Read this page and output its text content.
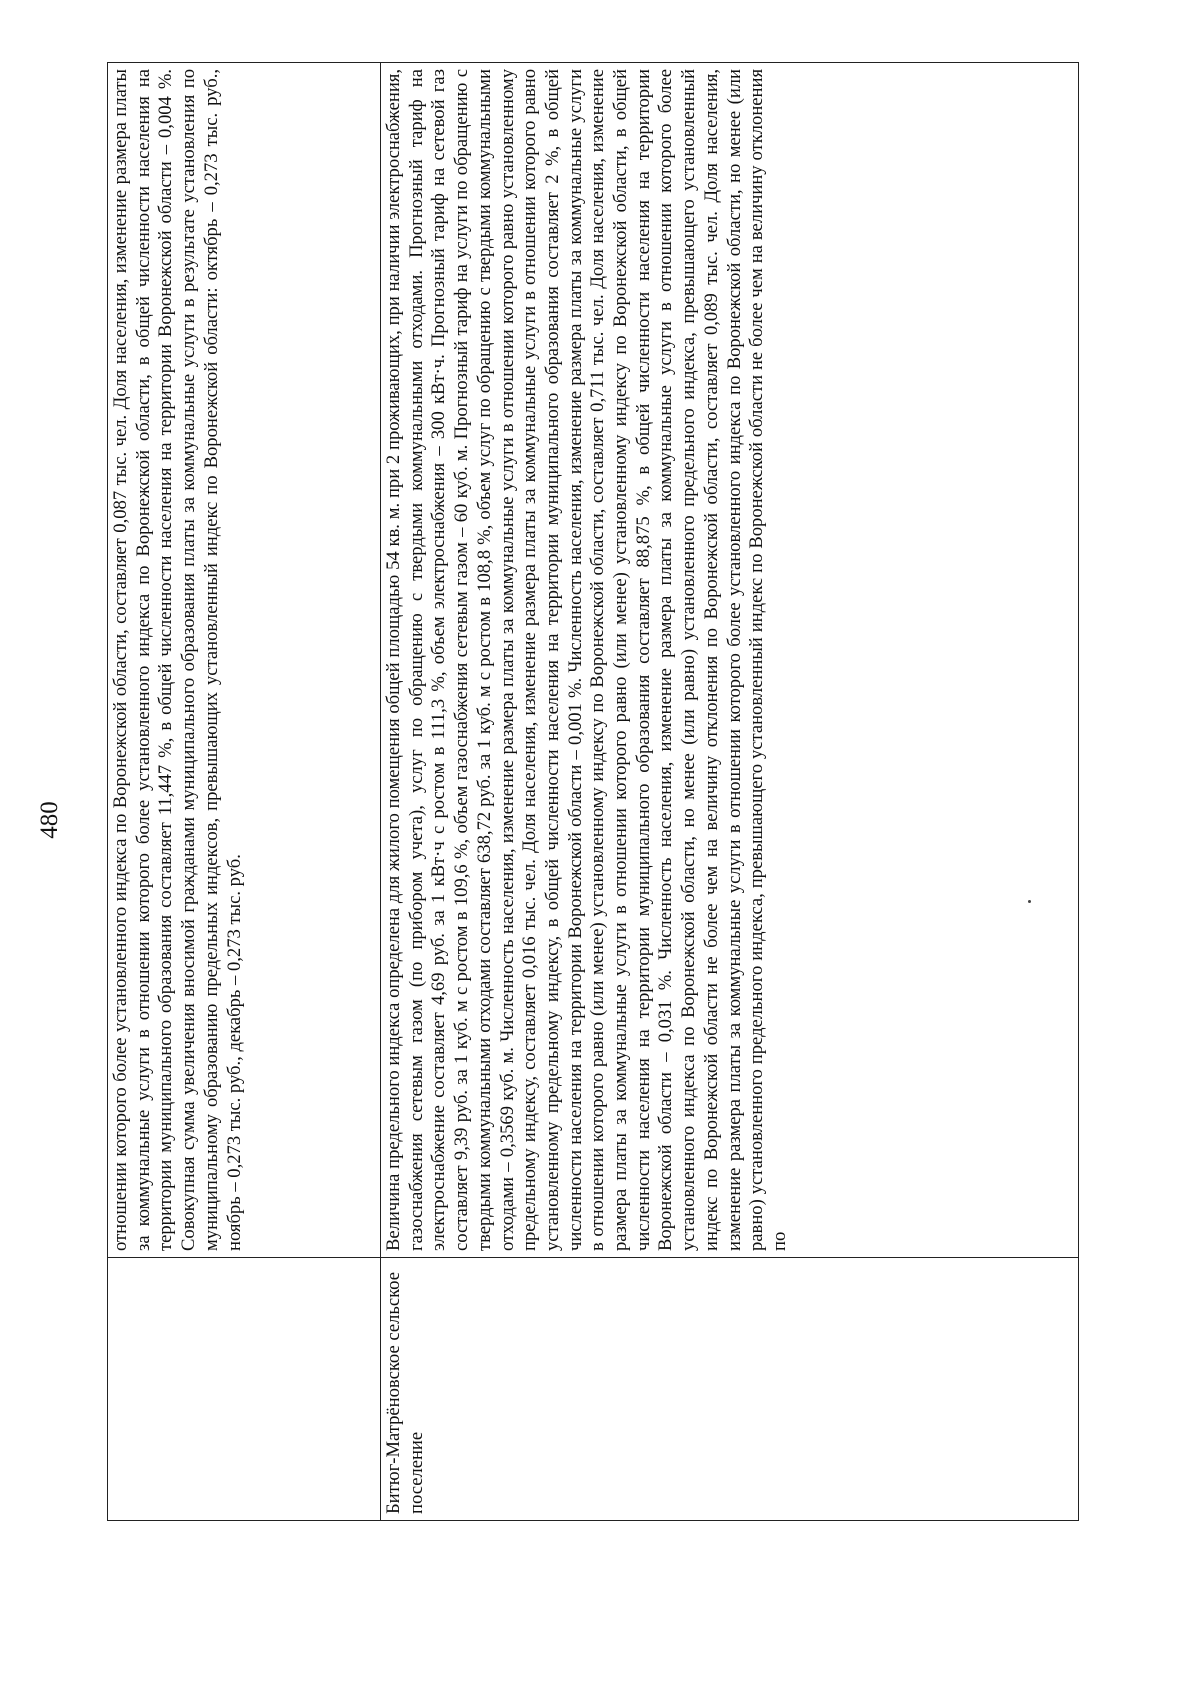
480

	отношении которого более установленного индекса по Воронежской области, составляет 0,087 тыс. чел. Доля населения, изменение размера платы за коммунальные услуги в отношении которого более установленного индекса по Воронежской области, в общей численности населения на территории муниципального образования составляет 11,447 %, в общей численности населения на территории Воронежской области – 0,004 %. Совокупная сумма увеличения вносимой гражданами муниципального образования платы за коммунальные услуги в результате установления по муниципальному образованию предельных индексов, превышающих установленный индекс по Воронежской области: октябрь – 0,273 тыс. руб., ноябрь – 0,273 тыс. руб., декабрь – 0,273 тыс. руб.

Битюг-Матрёновское сельское поселение	Величина предельного индекса определена для жилого помещения общей площадью 54 кв. м. при 2 проживающих, при наличии электроснабжения, газоснабжения сетевым газом (по прибором учета), услуг по обращению с твердыми коммунальными отходами. Прогнозный тариф на электроснабжение составляет 4,69 руб. за 1 кВт·ч с ростом в 111,3 %, объем электроснабжения – 300 кВт·ч. Прогнозный тариф на сетевой газ составляет 9,39 руб. за 1 куб. м с ростом в 109,6 %, объем газоснабжения сетевым газом – 60 куб. м. Прогнозный тариф на услуги по обращению с твердыми коммунальными отходами составляет 638,72 руб. за 1 куб. м с ростом в 108,8 %, объем услуг по обращению с твердыми коммунальными отходами – 0,3569 куб. м. Численность населения, изменение размера платы за коммунальные услуги в отношении которого равно установленному предельному индексу, составляет 0,016 тыс. чел. Доля населения, изменение размера платы за коммунальные услуги в отношении которого равно установленному предельному индексу, в общей численности населения на территории муниципального образования составляет 2 %, в общей численности населения на территории Воронежской области – 0,001 %. Численность населения, изменение размера платы за коммунальные услуги в отношении которого равно (или менее) установленному индексу по Воронежской области, составляет 0,711 тыс. чел. Доля населения, изменение размера платы за коммунальные услуги в отношении которого равно (или менее) установленному индексу по Воронежской области, в общей численности населения на территории муниципального образования составляет 88,875 %, в общей численности населения на территории Воронежской области – 0,031 %. Численность населения, изменение размера платы за коммунальные услуги в отношении которого более установленного индекса по Воронежской области, но менее (или равно) установленного предельного индекса, превышающего установленный индекс по Воронежской области не более чем на величину отклонения по Воронежской области, составляет 0,089 тыс. чел. Доля населения, изменение размера платы за коммунальные услуги в отношении которого более установленного индекса по Воронежской области, но менее (или равно) установленного предельного индекса, превышающего установленный индекс по Воронежской области не более чем на величину отклонения по
